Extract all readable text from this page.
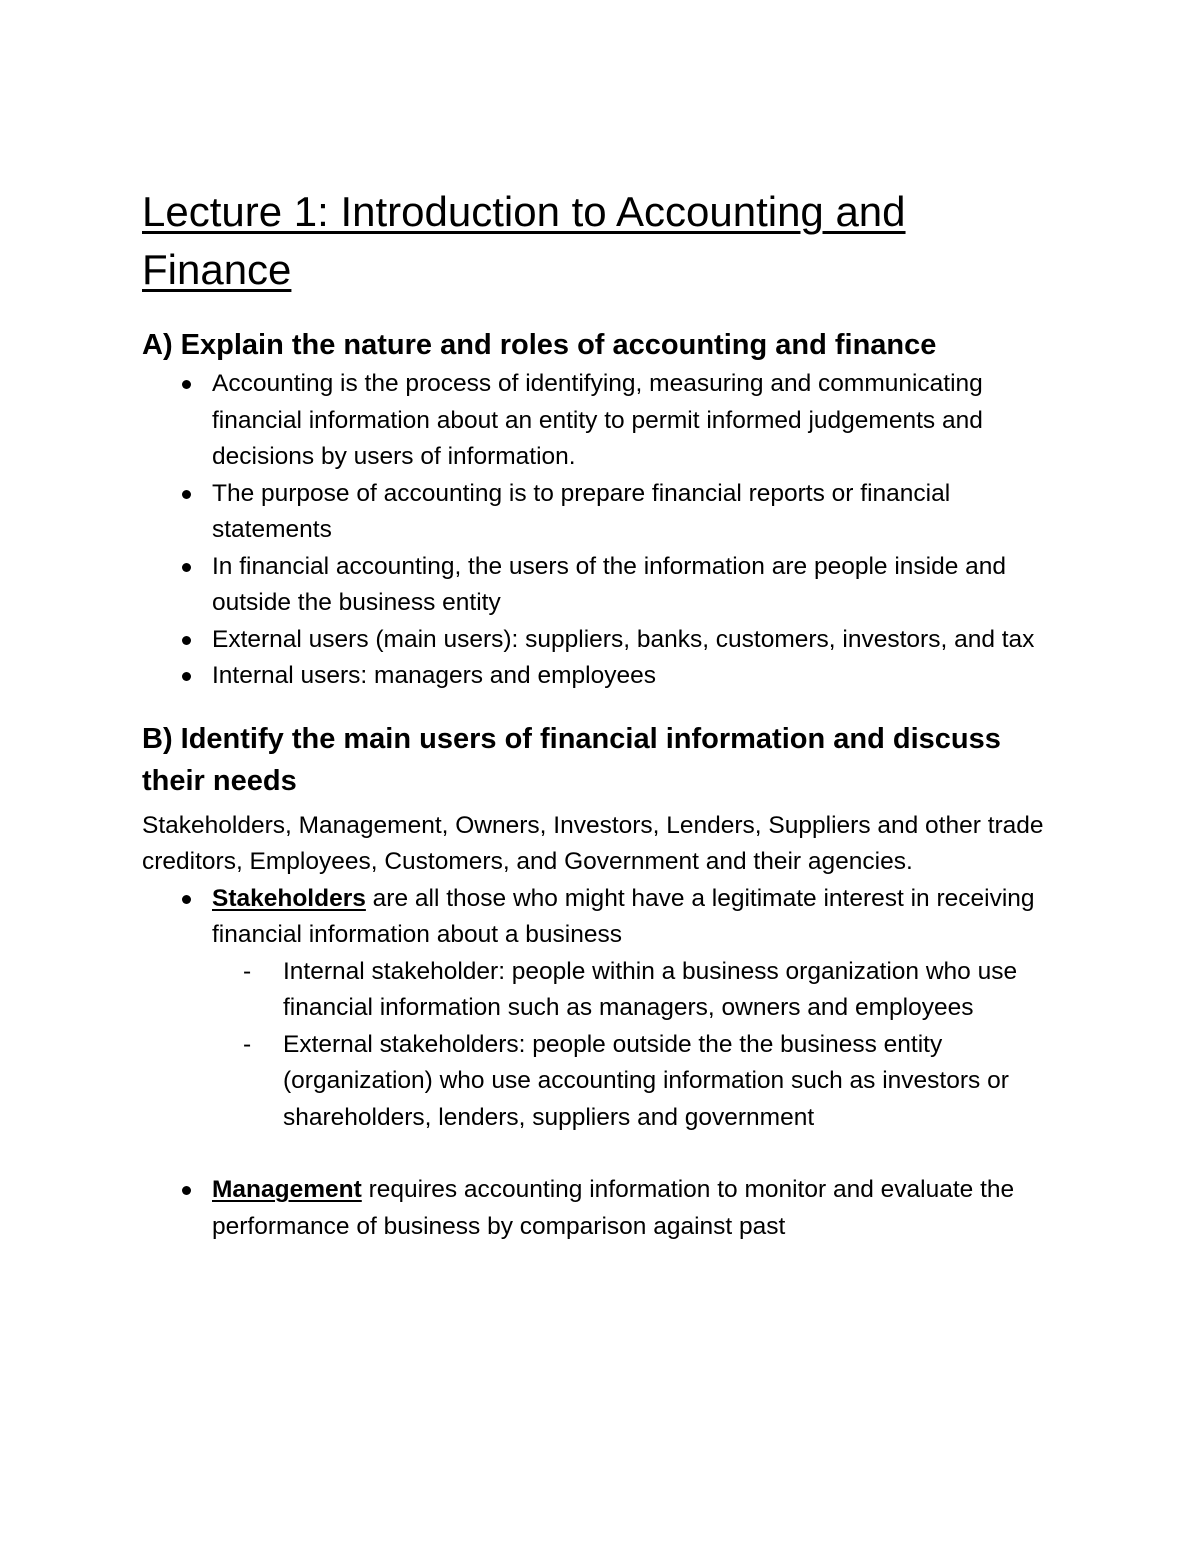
Lecture 1: Introduction to Accounting and
Finance
A) Explain the nature and roles of accounting and finance
Accounting is the process of identifying, measuring and communicating financial information about an entity to permit informed judgements and decisions by users of information.
The purpose of accounting is to prepare financial reports or financial statements
In financial accounting, the users of the information are people inside and outside the business entity
External users (main users): suppliers, banks, customers, investors, and tax
Internal users: managers and employees
B) Identify the main users of financial information and discuss their needs

Stakeholders, Management, Owners, Investors, Lenders, Suppliers and other trade creditors, Employees, Customers, and Government and their agencies.

Stakeholders are all those who might have a legitimate interest in receiving financial information about a business
- Internal stakeholder: people within a business organization who use financial information such as managers, owners and employees
- External stakeholders: people outside the the business entity (organization) who use accounting information such as investors or shareholders, lenders, suppliers and government
Management requires accounting information to monitor and evaluate the performance of business by comparison against past
